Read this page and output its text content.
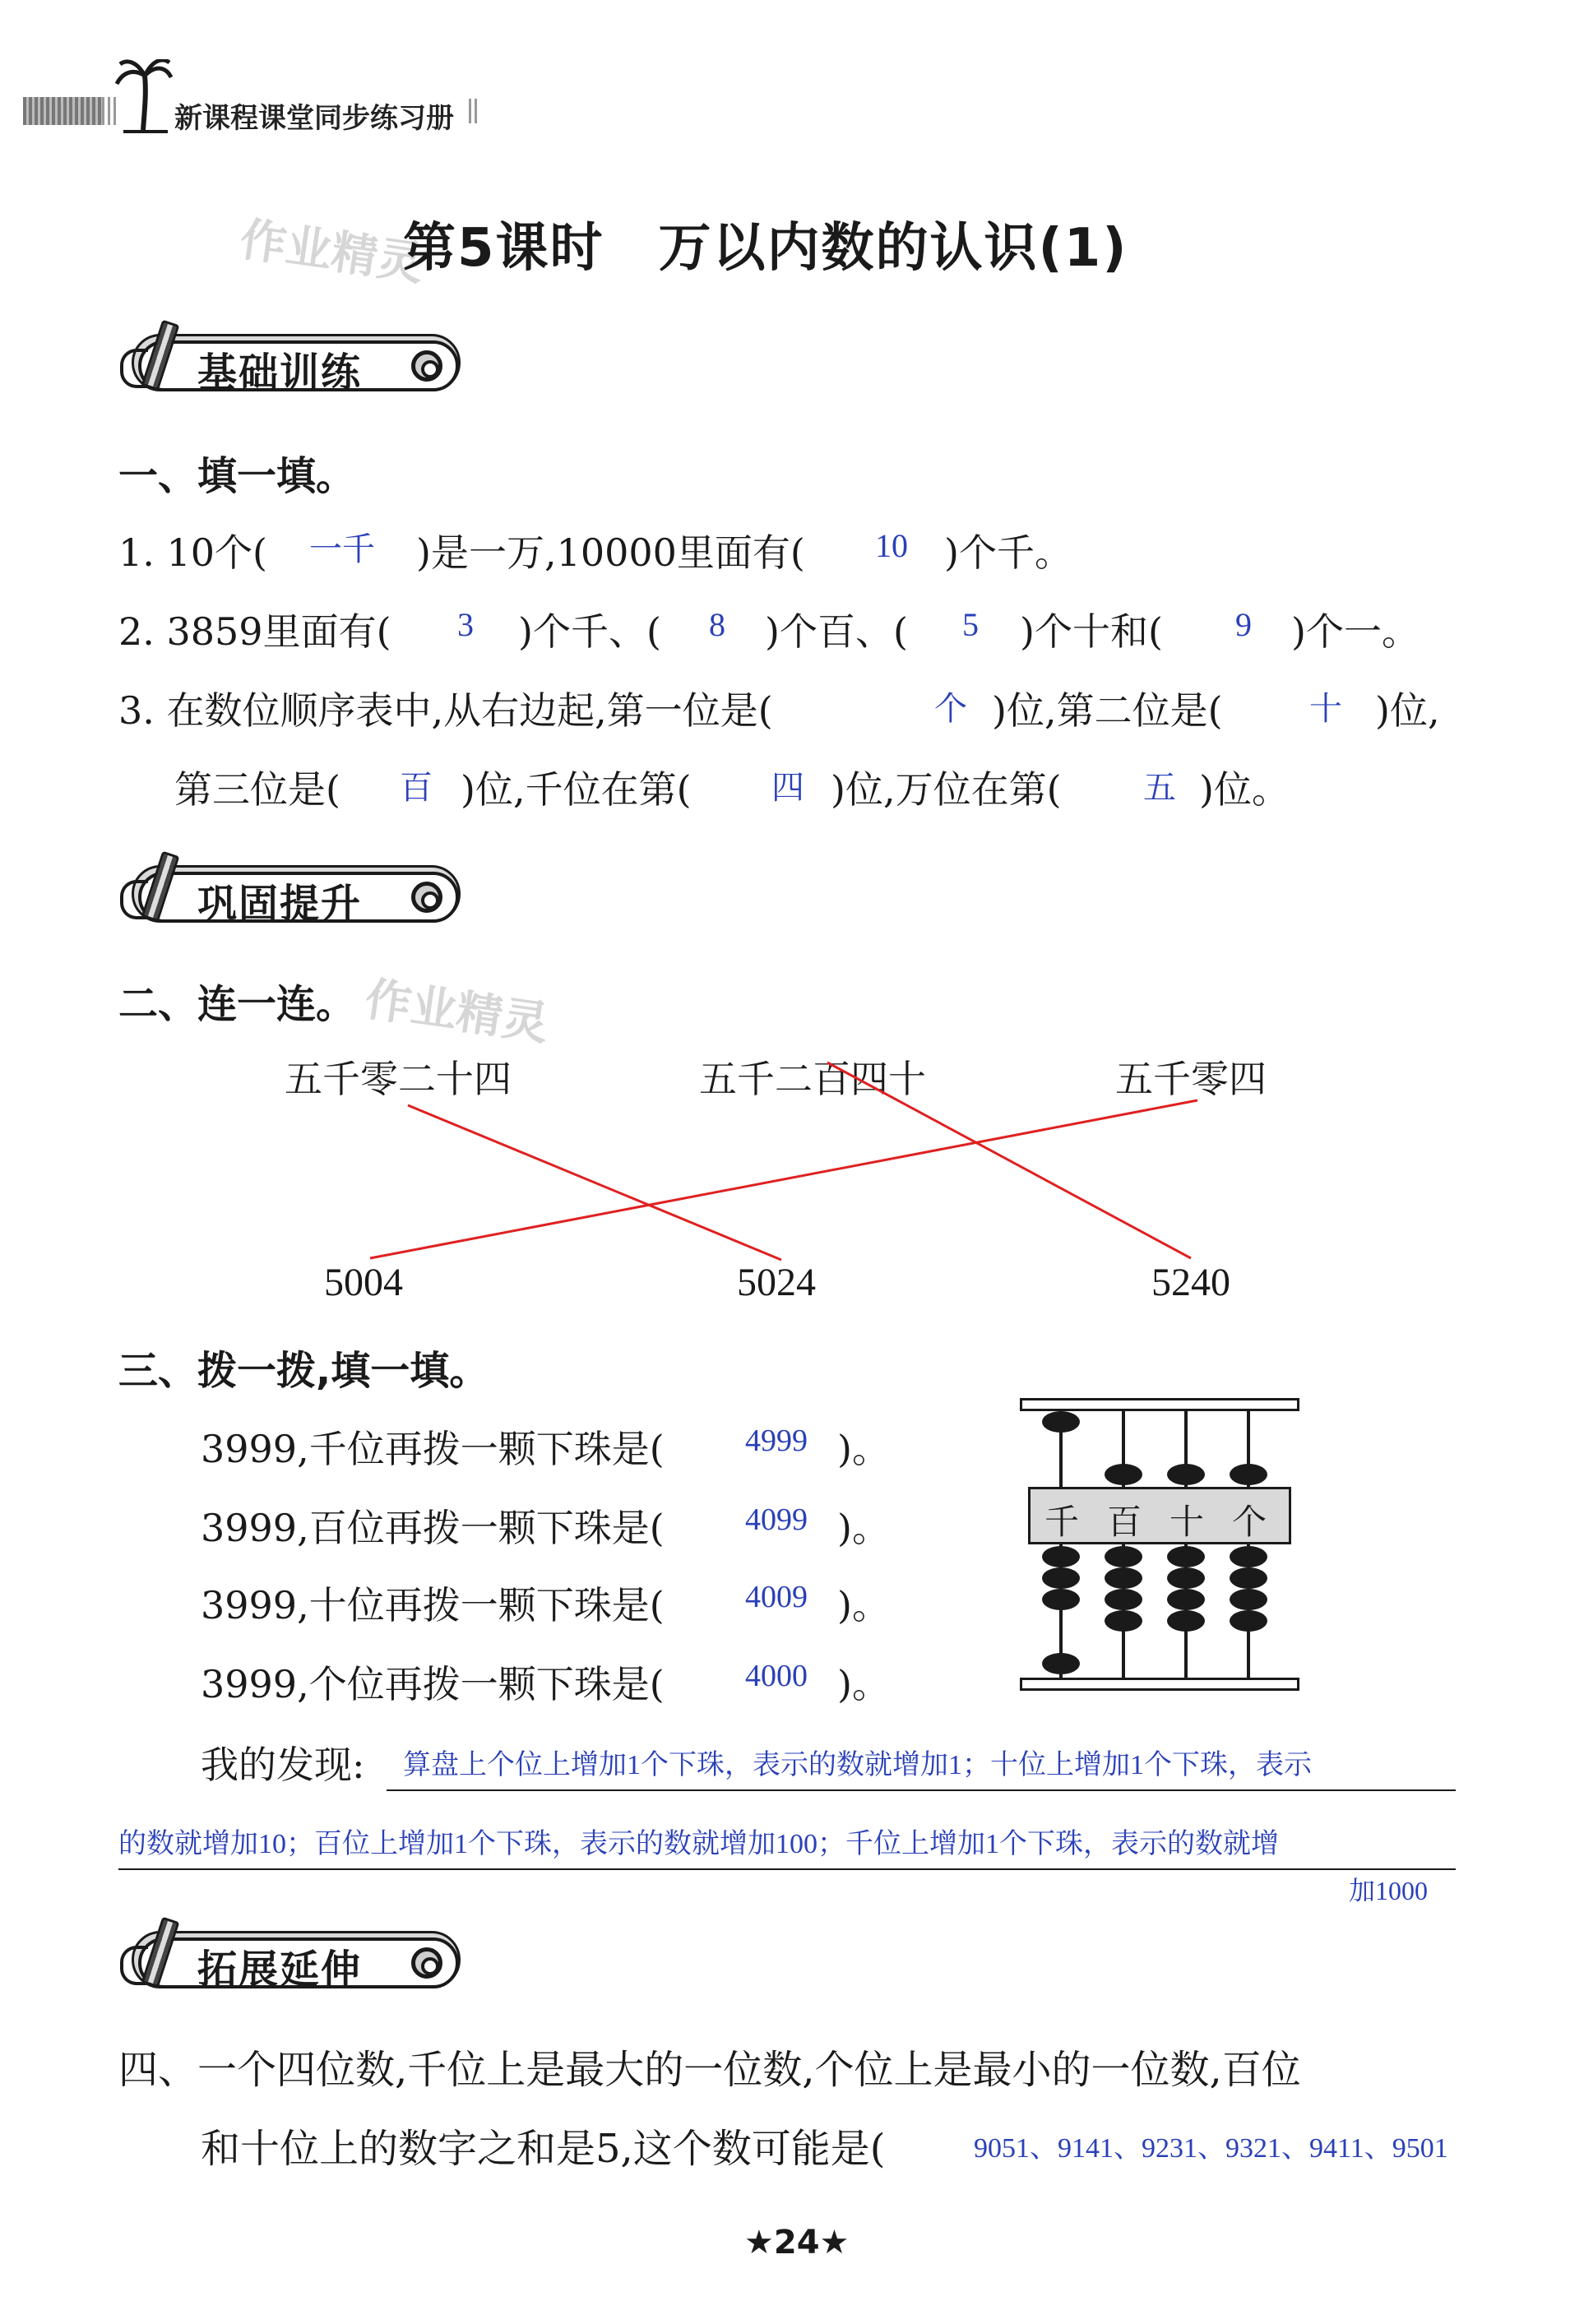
新课程课堂同步练习册
作业精灵
第5课时　万以内数的认识(1)
基础训练
一、填一填。
1. 10个( 一千 )是一万,10000里面有( 10 )个千。
2. 3859里面有( 3 )个千、( 8 )个百、( 5 )个十和( 9 )个一。
3. 在数位顺序表中,从右边起,第一位是(	个 )位,第二位是(	十 )位,
第三位是( 百 )位,千位在第( 四 )位,万位在第( 五 )位。
巩固提升
二、连一连。 作业精灵
五千零二十四	五千二百四十	五千零四
5004	5024	5240
三、拨一拨,填一填。
3999,千位再拨一颗下珠是(	4999 )。
3999,百位再拨一颗下珠是(	4099 )。
3999,十位再拨一颗下珠是(	4009 )。
3999,个位再拨一颗下珠是(	4000 )。
千 百 十 个
我的发现: 算盘上个位上增加1个下珠，表示的数就增加1；十位上增加1个下珠，表示
的数就增加10；百位上增加1个下珠，表示的数就增加100；千位上增加1个下珠，表示的数就增
加1000
拓展延伸
四、一个四位数,千位上是最大的一位数,个位上是最小的一位数,百位
和十位上的数字之和是5,这个数可能是(	9051、9141、9231、9321、9411、9501
★24★
